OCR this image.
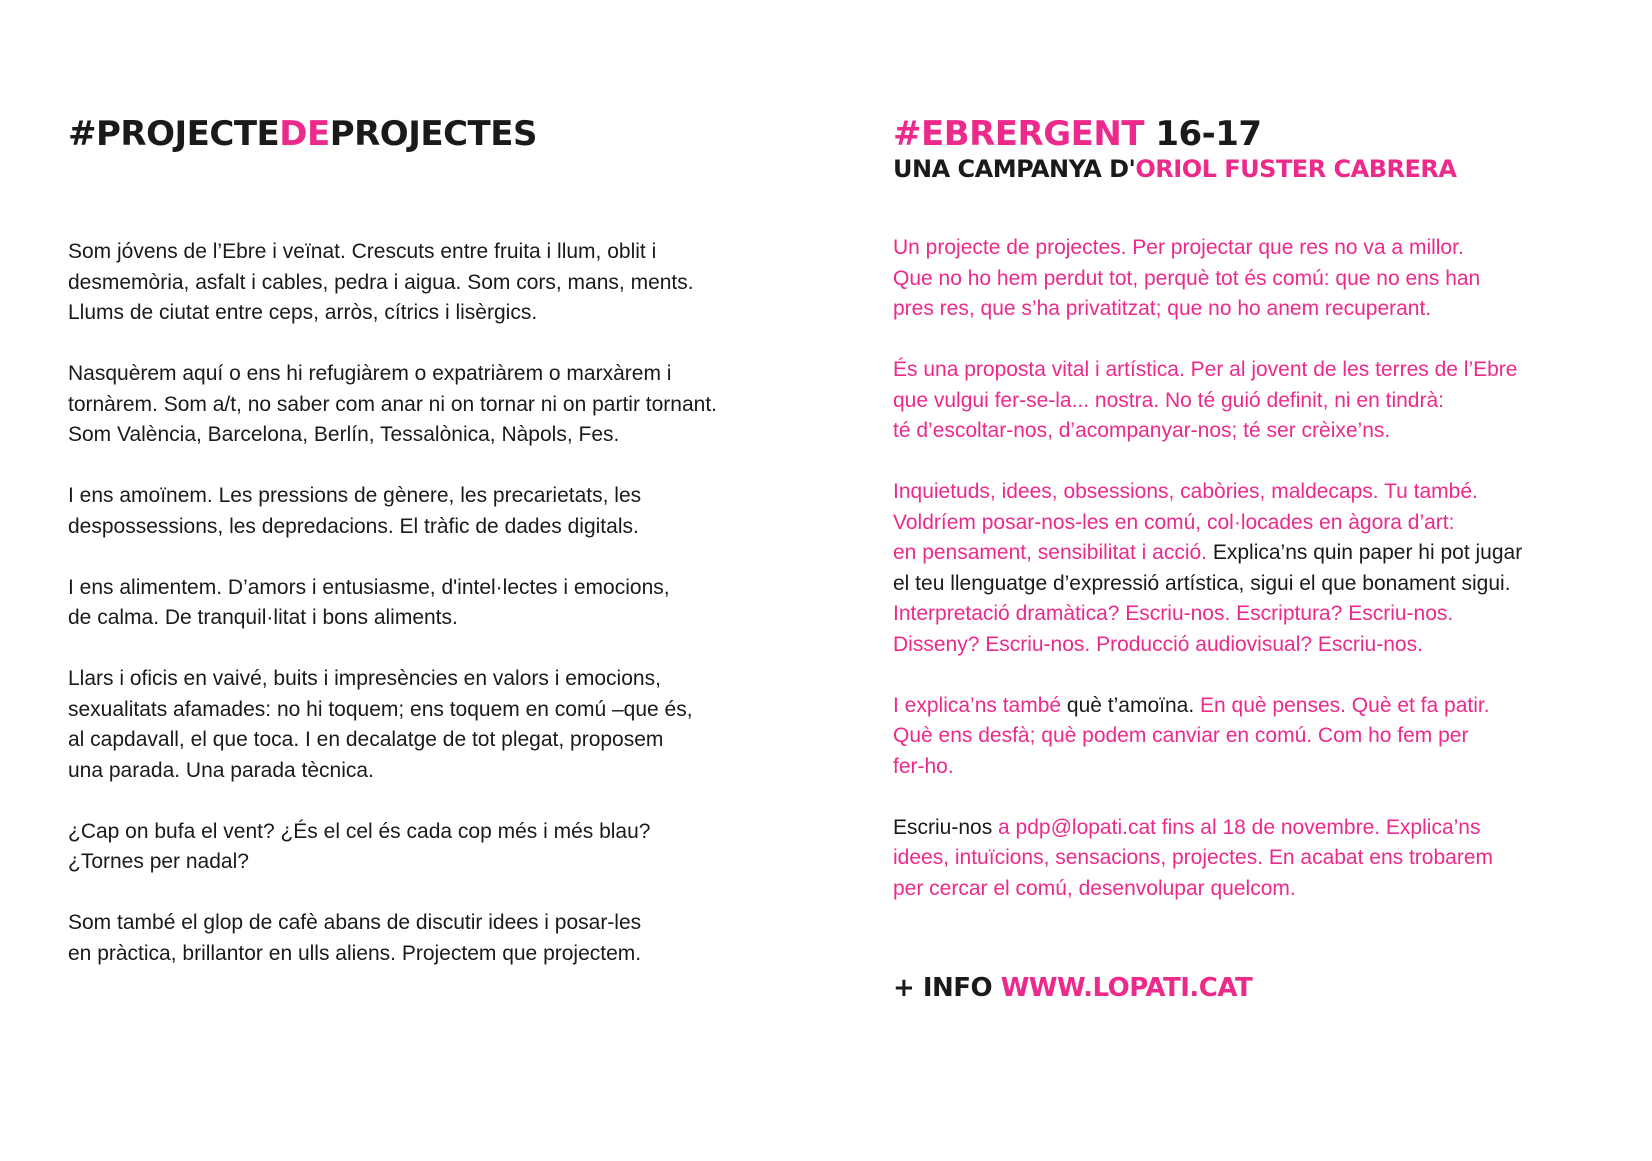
#PROJECTEDEPROJECTES

Som jóvens de l’Ebre i veïnat. Crescuts entre fruita i llum, oblit i
desmemòria, asfalt i cables, pedra i aigua. Som cors, mans, ments.
Llums de ciutat entre ceps, arròs, cítrics i lisèrgics.

Nasquèrem aquí o ens hi refugiàrem o expatriàrem o marxàrem i
tornàrem. Som a/t, no saber com anar ni on tornar ni on partir tornant.
Som València, Barcelona, Berlín, Tessalònica, Nàpols, Fes.

I ens amoïnem. Les pressions de gènere, les precarietats, les
despossessions, les depredacions. El tràfic de dades digitals.

I ens alimentem. D’amors i entusiasme, d'intel·lectes i emocions,
de calma. De tranquil·litat i bons aliments.

Llars i oficis en vaivé, buits i impresències en valors i emocions,
sexualitats afamades: no hi toquem; ens toquem en comú –que és,
al capdavall, el que toca. I en decalatge de tot plegat, proposem
una parada. Una parada tècnica.

¿Cap on bufa el vent? ¿És el cel és cada cop més i més blau?
¿Tornes per nadal?

Som també el glop de cafè abans de discutir idees i posar-les
en pràctica, brillantor en ulls aliens. Projectem que projectem.

#EBRERGENT 16-17
UNA CAMPANYA D'ORIOL FUSTER CABRERA

Un projecte de projectes. Per projectar que res no va a millor.
Que no ho hem perdut tot, perquè tot és comú: que no ens han
pres res, que s’ha privatitzat; que no ho anem recuperant.

És una proposta vital i artística. Per al jovent de les terres de l’Ebre
que vulgui fer-se-la... nostra. No té guió definit, ni en tindrà:
té d’escoltar-nos, d’acompanyar-nos; té ser crèixe’ns.

Inquietuds, idees, obsessions, cabòries, maldecaps. Tu també.
Voldríem posar-nos-les en comú, col·locades en àgora d’art:
en pensament, sensibilitat i acció. Explica’ns quin paper hi pot jugar
el teu llenguatge d’expressió artística, sigui el que bonament sigui.
Interpretació dramàtica? Escriu-nos. Escriptura? Escriu-nos.
Disseny? Escriu-nos. Producció audiovisual? Escriu-nos.

I explica’ns també què t’amoïna. En què penses. Què et fa patir.
Què ens desfà; què podem canviar en comú. Com ho fem per
fer-ho.

Escriu-nos a pdp@lopati.cat fins al 18 de novembre. Explica’ns
idees, intuïcions, sensacions, projectes. En acabat ens trobarem
per cercar el comú, desenvolupar quelcom.

+ INFO WWW.LOPATI.CAT
